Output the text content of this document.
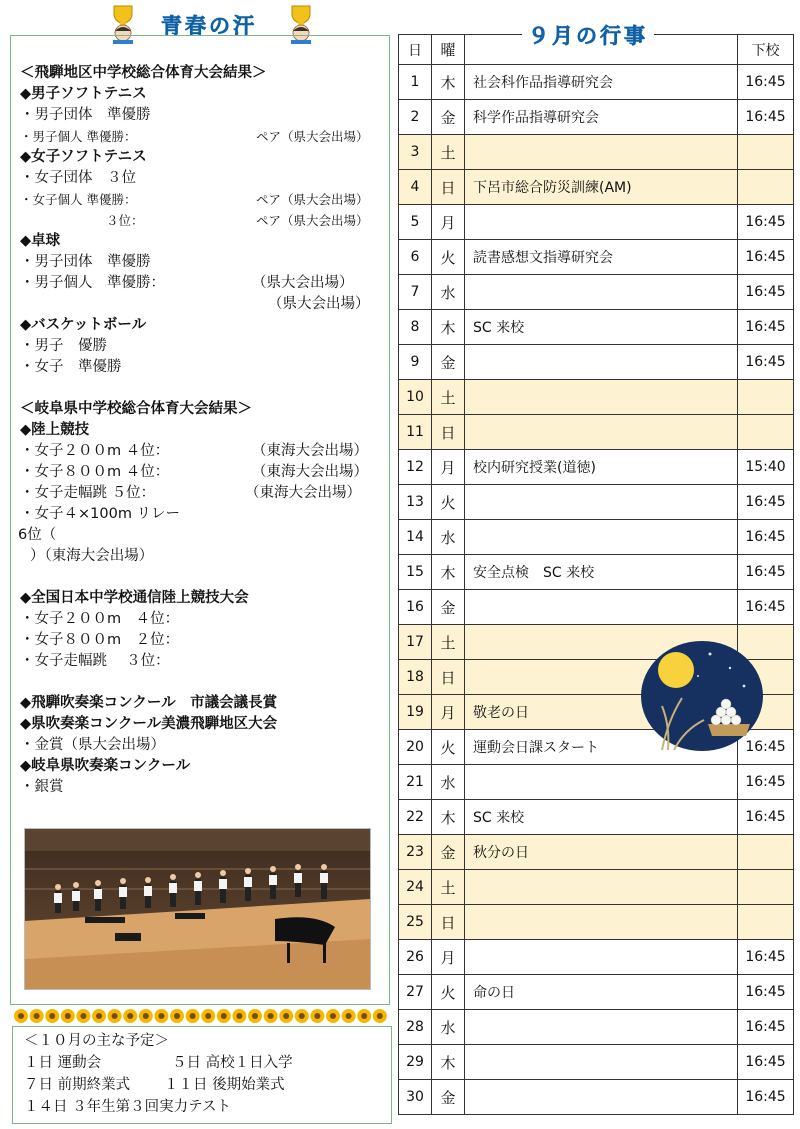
青春の汗
＜飛騨地区中学校総合体育大会結果＞
◆男子ソフトテニス
・男子団体　準優勝
・男子個人 準優勝：	ペア（県大会出場）
◆女子ソフトテニス
・女子団体　３位
・女子個人 準優勝：	ペア（県大会出場）
３位：	ペア（県大会出場）
◆卓球
・男子団体　準優勝
・男子個人　準優勝：	（県大会出場）
（県大会出場）
◆バスケットボール
・男子　優勝
・女子　準優勝
＜岐阜県中学校総合体育大会結果＞
◆陸上競技
・女子２００m ４位：	（東海大会出場）
・女子８００m ４位：	（東海大会出場）
・女子走幅跳 ５位：	（東海大会出場）
・女子４×100m リレー
6位（
）（東海大会出場）
◆全国日本中学校通信陸上競技大会
・女子２００m　４位：
・女子８００m　２位：
・女子走幅跳　 ３位：
◆飛騨吹奏楽コンクール　市議会議長賞
◆県吹奏楽コンクール美濃飛騨地区大会
・金賞（県大会出場）
◆岐阜県吹奏楽コンクール
・銀賞
＜１０月の主な予定＞
１日 運動会	５日 高校１日入学
７日 前期終業式 １１日 後期始業式
１４日 ３年生第３回実力テスト
９月の行事
日	曜		下校
1	木	社会科作品指導研究会	16:45
2	金	科学作品指導研究会	16:45
3	土		
4	日	下呂市総合防災訓練(AM)	
5	月		16:45
6	火	読書感想文指導研究会	16:45
7	水		16:45
8	木	SC 来校	16:45
9	金		16:45
10	土		
11	日		
12	月	校内研究授業(道徳)	15:40
13	火		16:45
14	水		16:45
15	木	安全点検　SC 来校	16:45
16	金		16:45
17	土		
18	日		
19	月	敬老の日	
20	火	運動会日課スタート	16:45
21	水		16:45
22	木	SC 来校	16:45
23	金	秋分の日	
24	土		
25	日		
26	月		16:45
27	火	命の日	16:45
28	水		16:45
29	木		16:45
30	金		16:45
